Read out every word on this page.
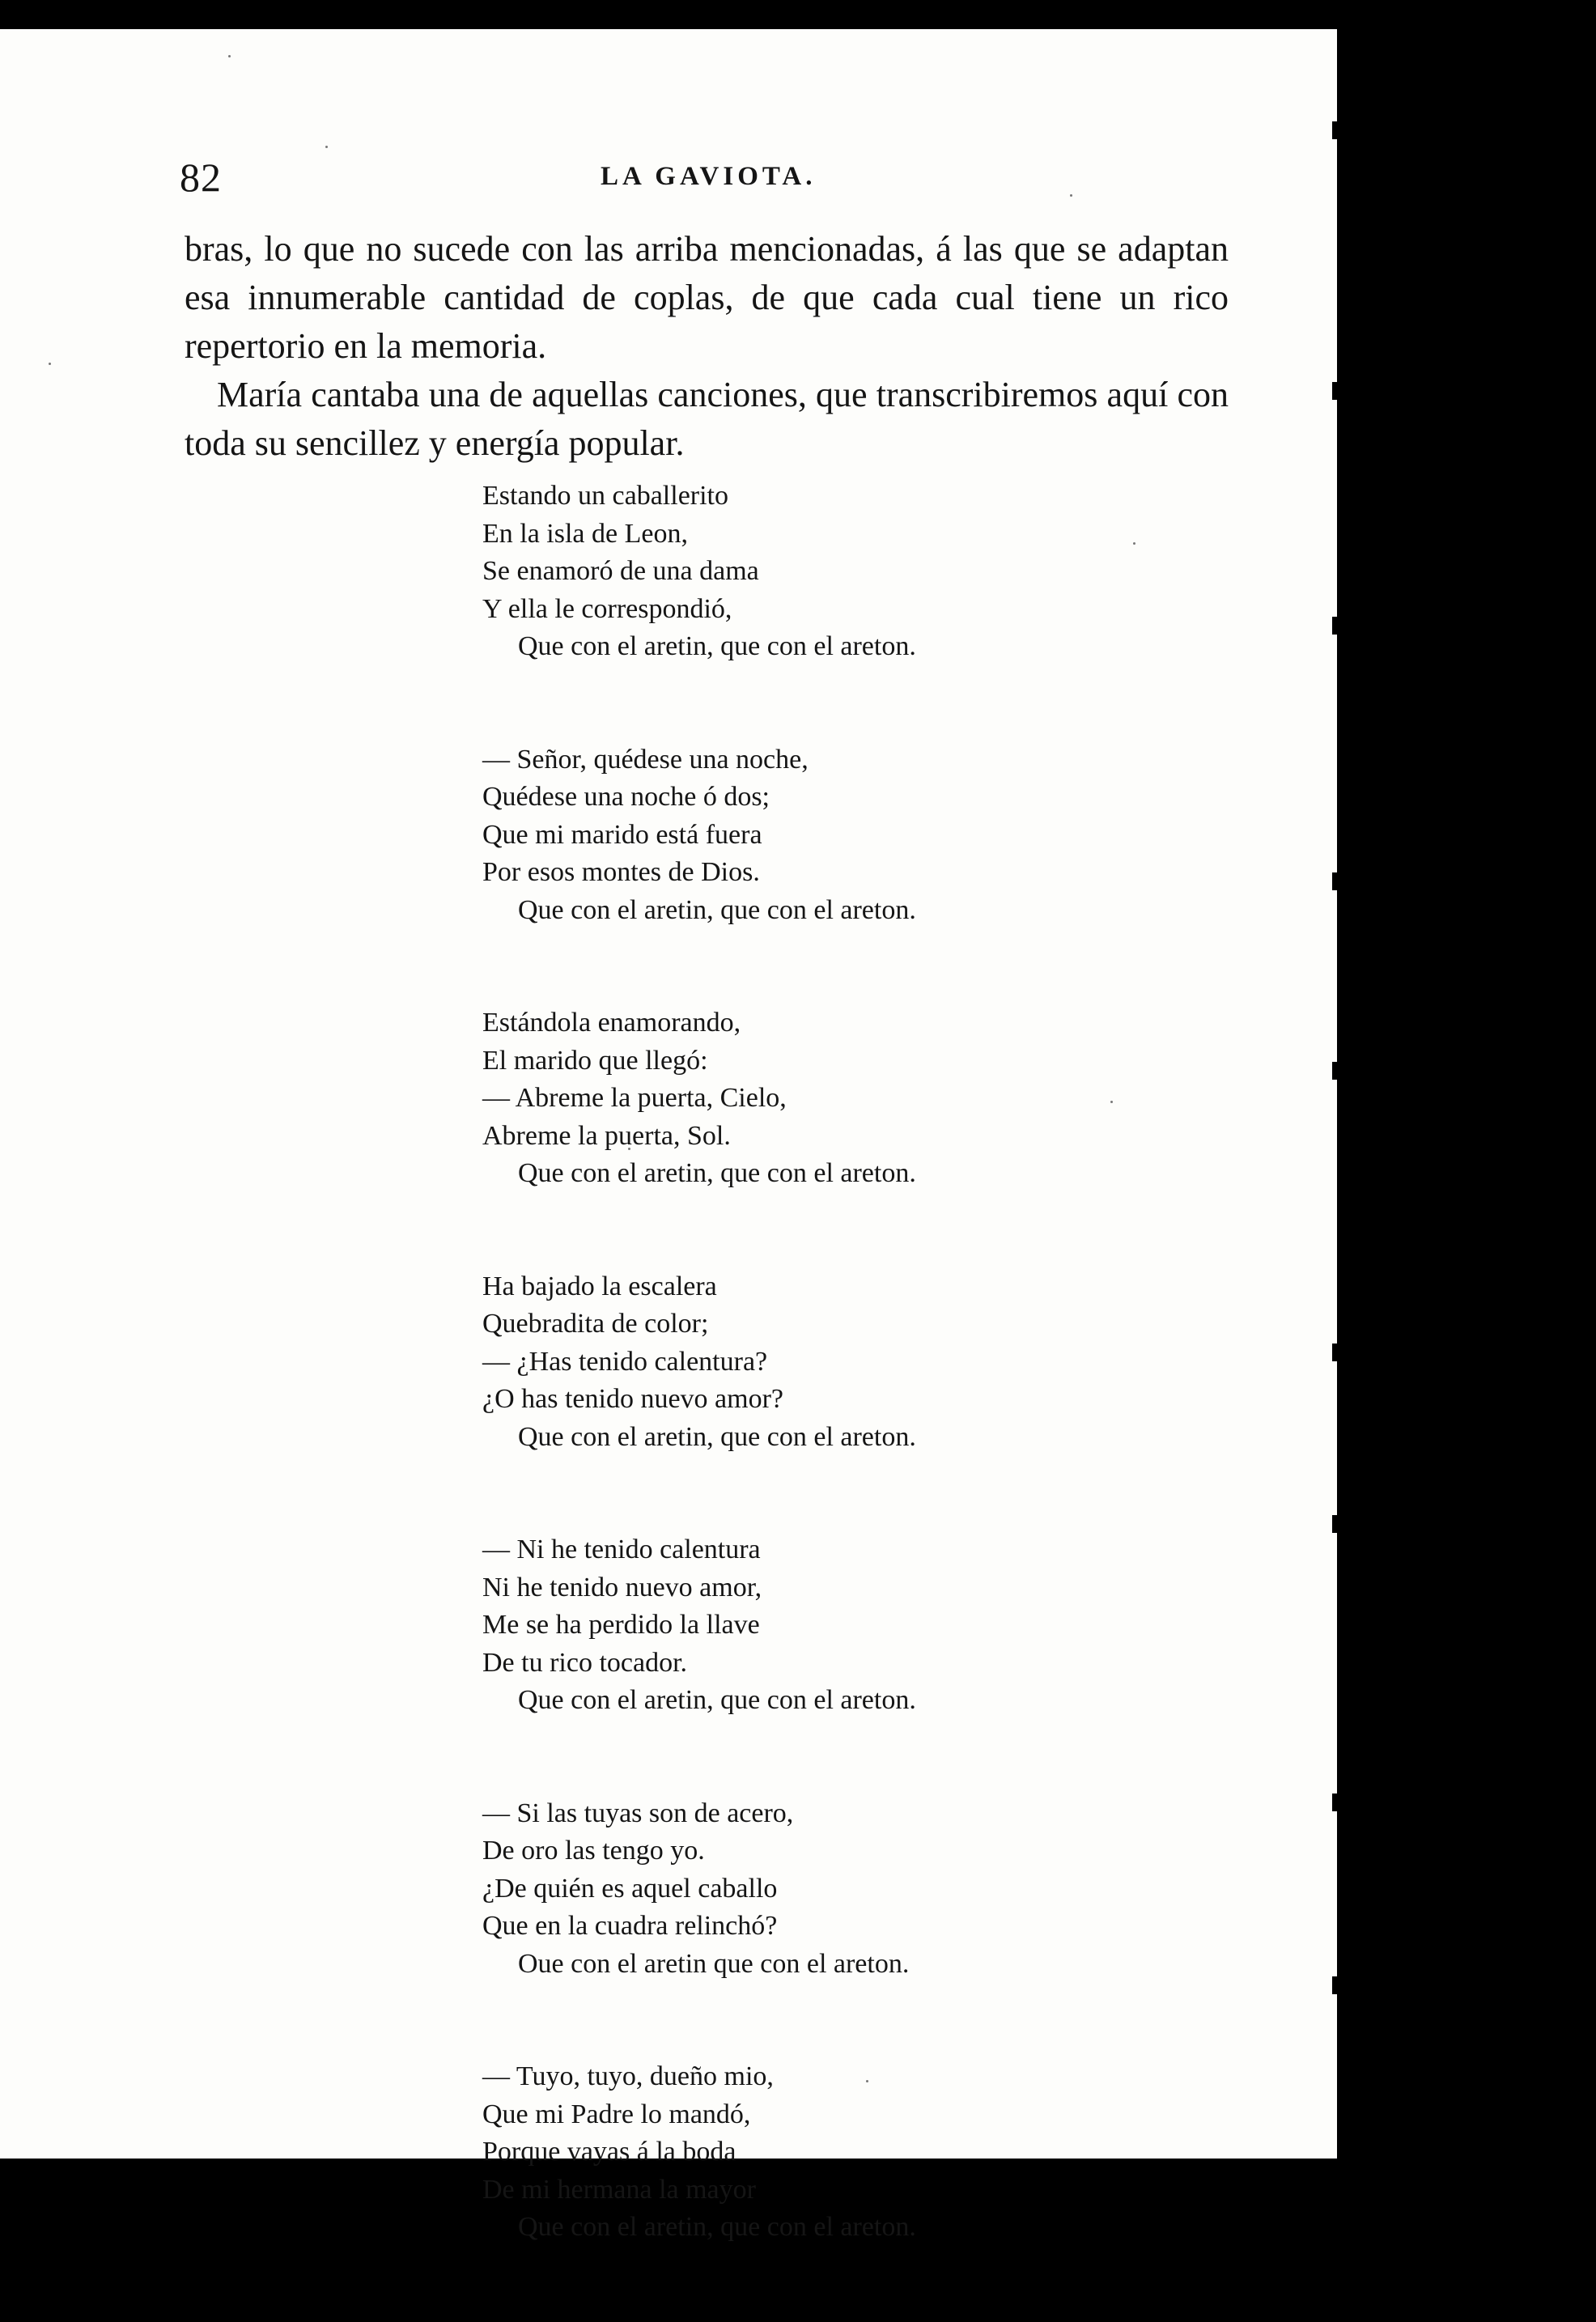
82	LA GAVIOTA.

bras, lo que no sucede con las arriba mencionadas, á las que se adaptan esa innumerable cantidad de coplas, de que cada cual tiene un rico repertorio en la memoria.

María cantaba una de aquellas canciones, que transcribiremos aquí con toda su sencillez y energía popular.

Estando un caballerito
En la isla de Leon,
Se enamoró de una dama
Y ella le correspondió,
Que con el aretin, que con el areton.
— Señor, quédese una noche,
Quédese una noche ó dos;
Que mi marido está fuera
Por esos montes de Dios.
Que con el aretin, que con el areton.
Estándola enamorando,
El marido que llegó:
— Abreme la puerta, Cielo,
Abreme la puerta, Sol.
Que con el aretin, que con el areton.
Ha bajado la escalera
Quebradita de color;
— ¿Has tenido calentura?
¿O has tenido nuevo amor?
Que con el aretin, que con el areton.
— Ni he tenido calentura
Ni he tenido nuevo amor,
Me se ha perdido la llave
De tu rico tocador.
Que con el aretin, que con el areton.
— Si las tuyas son de acero,
De oro las tengo yo.
¿De quién es aquel caballo
Que en la cuadra relinchó?
Oue con el aretin que con el areton.
— Tuyo, tuyo, dueño mio,
Que mi Padre lo mandó,
Porque vayas á la boda
De mi hermana la mayor
Que con el aretin, que con el areton.
